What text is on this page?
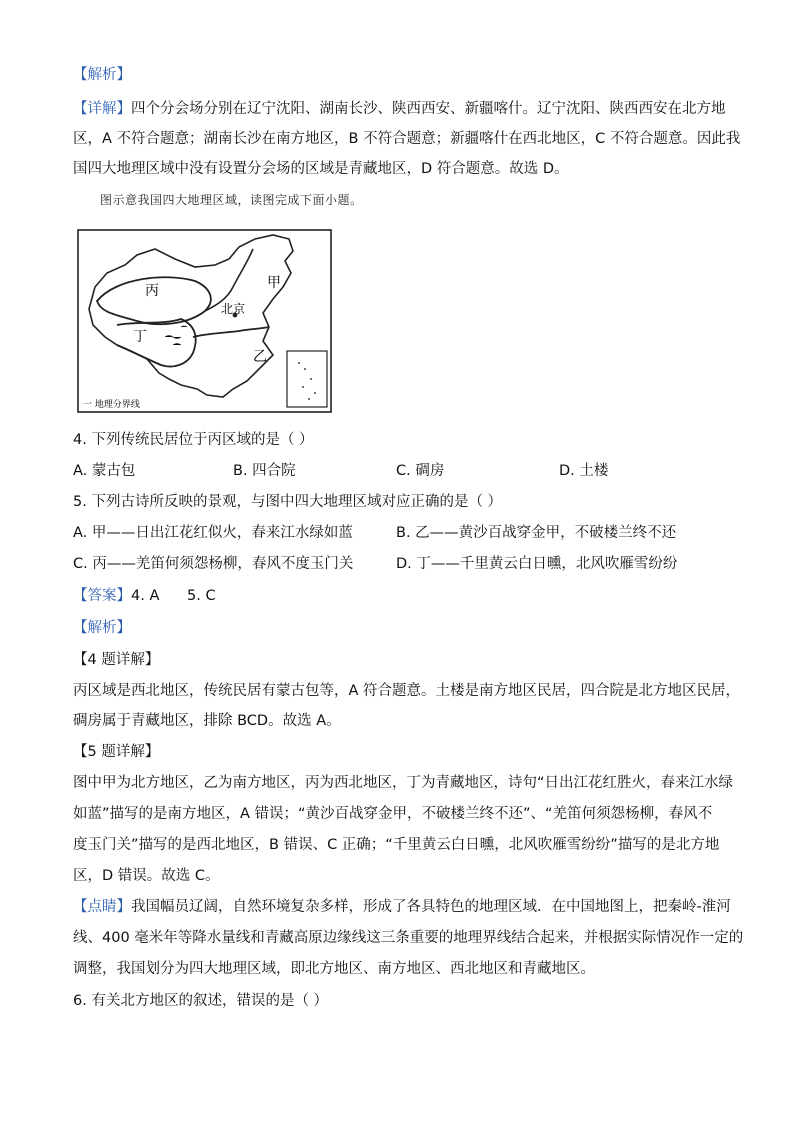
【解析】
【详解】四个分会场分别在辽宁沈阳、湖南长沙、陕西西安、新疆喀什。辽宁沈阳、陕西西安在北方地
区，A 不符合题意；湖南长沙在南方地区，B 不符合题意；新疆喀什在西北地区，C 不符合题意。因此我
国四大地理区域中没有设置分会场的区域是青藏地区，D 符合题意。故选 D。
图示意我国四大地理区域，读图完成下面小题。
丙
丁
甲
乙
北京
一 地理分界线
4. 下列传统民居位于丙区域的是（ ）
A. 蒙古包	B. 四合院	C. 碉房	D. 土楼
5. 下列古诗所反映的景观，与图中四大地理区域对应正确的是（ ）
A. 甲——日出江花红似火，春来江水绿如蓝	B. 乙——黄沙百战穿金甲，不破楼兰终不还
C. 丙——羌笛何须怨杨柳，春风不度玉门关	D. 丁——千里黄云白日曛，北风吹雁雪纷纷
【答案】4. A      5. C
【解析】
【4 题详解】
丙区域是西北地区，传统民居有蒙古包等，A 符合题意。土楼是南方地区民居，四合院是北方地区民居，
碉房属于青藏地区，排除 BCD。故选 A。
【5 题详解】
图中甲为北方地区，乙为南方地区，丙为西北地区，丁为青藏地区，诗句“日出江花红胜火，春来江水绿
如蓝”描写的是南方地区，A 错误；“黄沙百战穿金甲，不破楼兰终不还”、“羌笛何须怨杨柳，春风不
度玉门关”描写的是西北地区，B 错误、C 正确；“千里黄云白日曛，北风吹雁雪纷纷”描写的是北方地
区，D 错误。故选 C。
【点睛】我国幅员辽阔，自然环境复杂多样，形成了各具特色的地理区域．在中国地图上，把秦岭-淮河
线、400 毫米年等降水量线和青藏高原边缘线这三条重要的地理界线结合起来，并根据实际情况作一定的
调整，我国划分为四大地理区域，即北方地区、南方地区、西北地区和青藏地区。
6. 有关北方地区的叙述，错误的是（ ）
